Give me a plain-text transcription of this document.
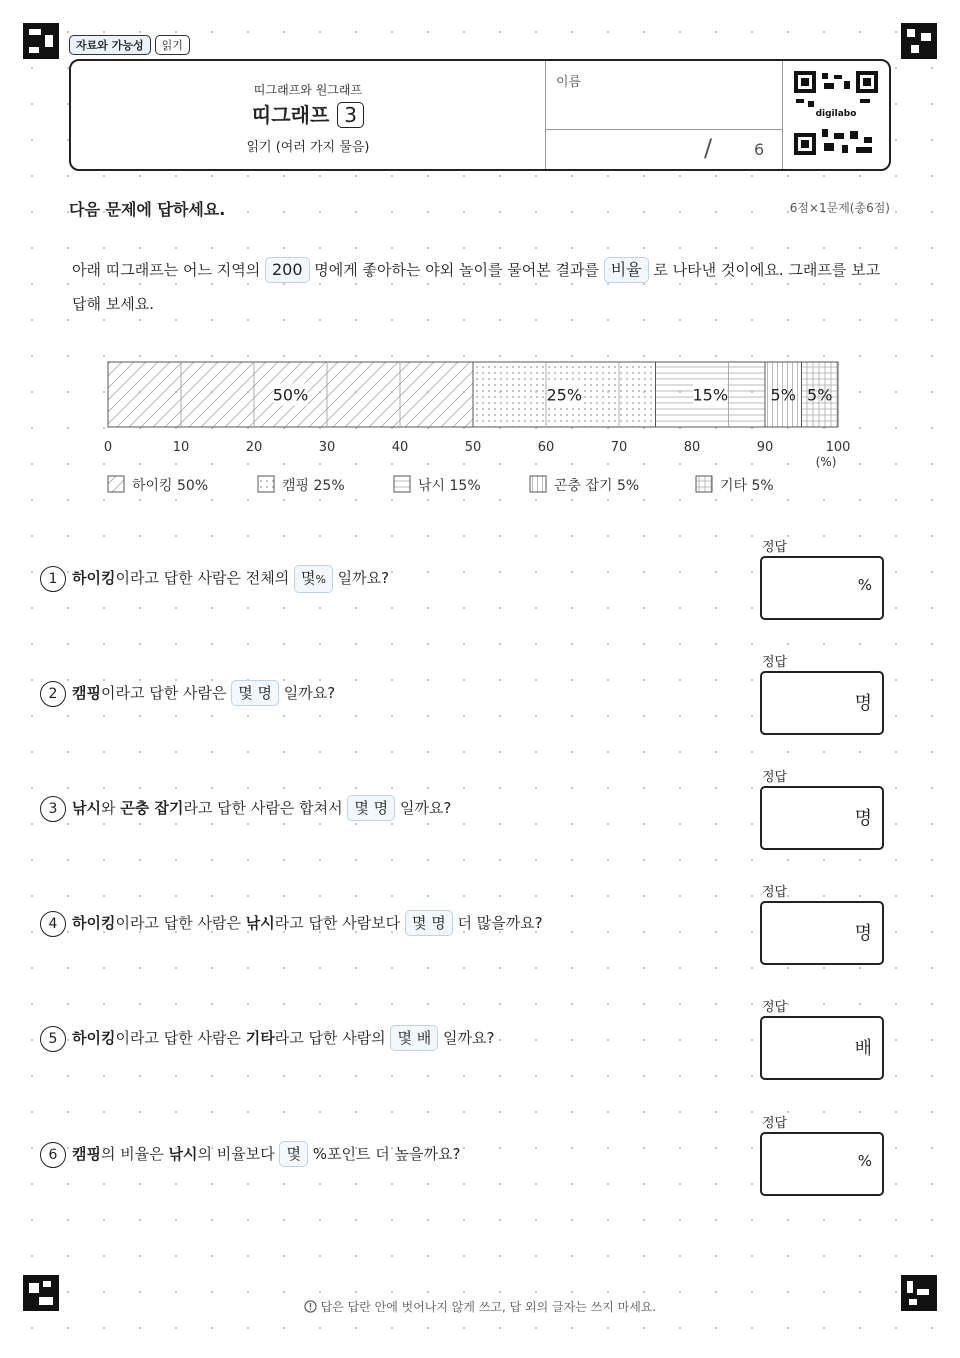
자료와 가능성	읽기
띠그래프와 원그래프
띠그래프 3
읽기 (여러 가지 물음)
이름
/	6
digilabo
다음 문제에 답하세요.	6점×1문제(총6점)
아래 띠그래프는 어느 지역의 200 명에게 좋아하는 야외 놀이를 물어본 결과를 비율 로 나타낸 것이에요. 그래프를 보고 답해 보세요.
50%	25%	15%	5% 5%
0	10	20	30	40	50	60	70	80	90	100
(%)
하이킹 50%	캠핑 25%	낚시 15%	곤충 잡기 5%	기타 5%
1 하이킹이라고 답한 사람은 전체의 몇% 일까요?
정답
%
2 캠핑이라고 답한 사람은 몇 명 일까요?
정답
명
3 낚시와 곤충 잡기라고 답한 사람은 합쳐서 몇 명 일까요?
정답
명
4 하이킹이라고 답한 사람은 낚시라고 답한 사람보다 몇 명 더 많을까요?
정답
명
5 하이킹이라고 답한 사람은 기타라고 답한 사람의 몇 배 일까요?
정답
배
6 캠핑의 비율은 낚시의 비율보다 몇 %포인트 더 높을까요?
정답
%
답은 답란 안에 벗어나지 않게 쓰고, 답 외의 글자는 쓰지 마세요.
